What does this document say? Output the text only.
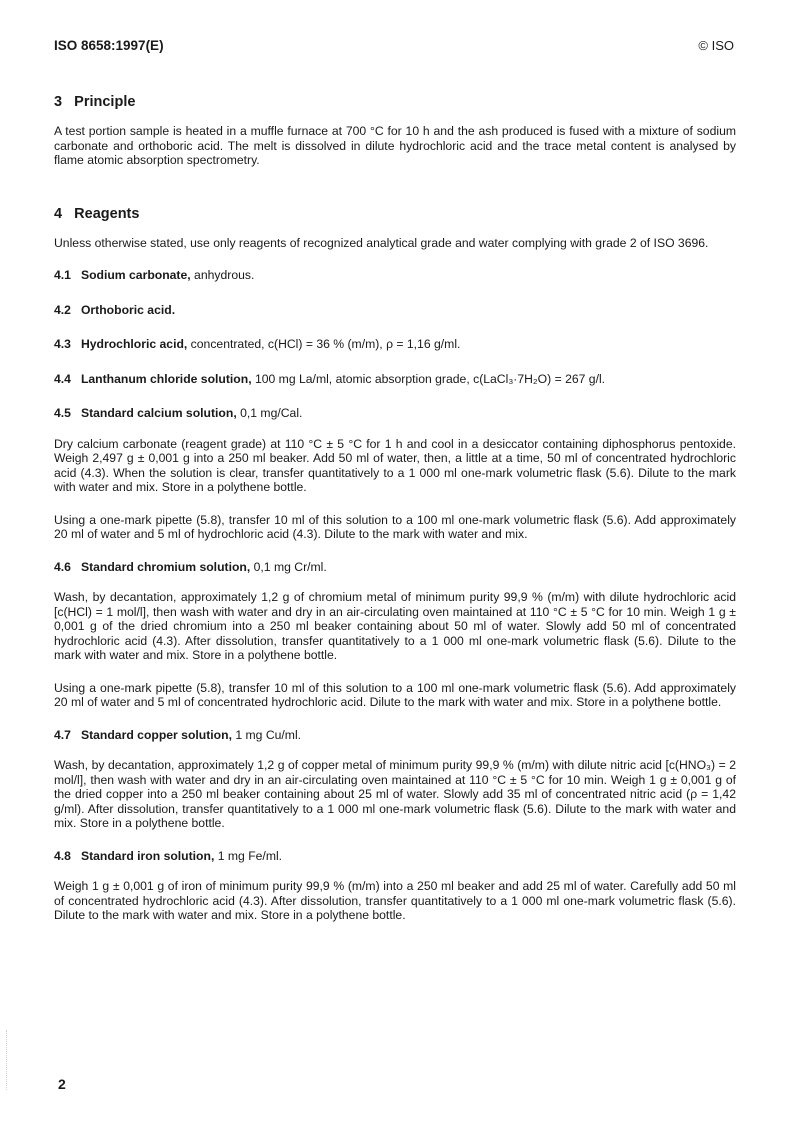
ISO 8658:1997(E)	© ISO
3 Principle

A test portion sample is heated in a muffle furnace at 700 °C for 10 h and the ash produced is fused with a mixture of sodium carbonate and orthoboric acid. The melt is dissolved in dilute hydrochloric acid and the trace metal content is analysed by flame atomic absorption spectrometry.

4 Reagents

Unless otherwise stated, use only reagents of recognized analytical grade and water complying with grade 2 of ISO 3696.

4.1 Sodium carbonate, anhydrous.
4.2 Orthoboric acid.
4.3 Hydrochloric acid, concentrated, c(HCl) = 36 % (m/m), ρ = 1,16 g/ml.
4.4 Lanthanum chloride solution, 100 mg La/ml, atomic absorption grade, c(LaCl₃·7H₂O) = 267 g/l.
4.5 Standard calcium solution, 0,1 mg/Cal.

Dry calcium carbonate (reagent grade) at 110 °C ± 5 °C for 1 h and cool in a desiccator containing diphosphorus pentoxide. Weigh 2,497 g ± 0,001 g into a 250 ml beaker. Add 50 ml of water, then, a little at a time, 50 ml of concentrated hydrochloric acid (4.3). When the solution is clear, transfer quantitatively to a 1 000 ml one-mark volumetric flask (5.6). Dilute to the mark with water and mix. Store in a polythene bottle.

Using a one-mark pipette (5.8), transfer 10 ml of this solution to a 100 ml one-mark volumetric flask (5.6). Add approximately 20 ml of water and 5 ml of hydrochloric acid (4.3). Dilute to the mark with water and mix.

4.6 Standard chromium solution, 0,1 mg Cr/ml.

Wash, by decantation, approximately 1,2 g of chromium metal of minimum purity 99,9 % (m/m) with dilute hydrochloric acid [c(HCl) = 1 mol/l], then wash with water and dry in an air-circulating oven maintained at 110 °C ± 5 °C for 10 min. Weigh 1 g ± 0,001 g of the dried chromium into a 250 ml beaker containing about 50 ml of water. Slowly add 50 ml of concentrated hydrochloric acid (4.3). After dissolution, transfer quantitatively to a 1 000 ml one-mark volumetric flask (5.6). Dilute to the mark with water and mix. Store in a polythene bottle.

Using a one-mark pipette (5.8), transfer 10 ml of this solution to a 100 ml one-mark volumetric flask (5.6). Add approximately 20 ml of water and 5 ml of concentrated hydrochloric acid. Dilute to the mark with water and mix. Store in a polythene bottle.

4.7 Standard copper solution, 1 mg Cu/ml.

Wash, by decantation, approximately 1,2 g of copper metal of minimum purity 99,9 % (m/m) with dilute nitric acid [c(HNO₃) = 2 mol/l], then wash with water and dry in an air-circulating oven maintained at 110 °C ± 5 °C for 10 min. Weigh 1 g ± 0,001 g of the dried copper into a 250 ml beaker containing about 25 ml of water. Slowly add 35 ml of concentrated nitric acid (ρ = 1,42 g/ml). After dissolution, transfer quantitatively to a 1 000 ml one-mark volumetric flask (5.6). Dilute to the mark with water and mix. Store in a polythene bottle.

4.8 Standard iron solution, 1 mg Fe/ml.

Weigh 1 g ± 0,001 g of iron of minimum purity 99,9 % (m/m) into a 250 ml beaker and add 25 ml of water. Carefully add 50 ml of concentrated hydrochloric acid (4.3). After dissolution, transfer quantitatively to a 1 000 ml one-mark volumetric flask (5.6). Dilute to the mark with water and mix. Store in a polythene bottle.

2
